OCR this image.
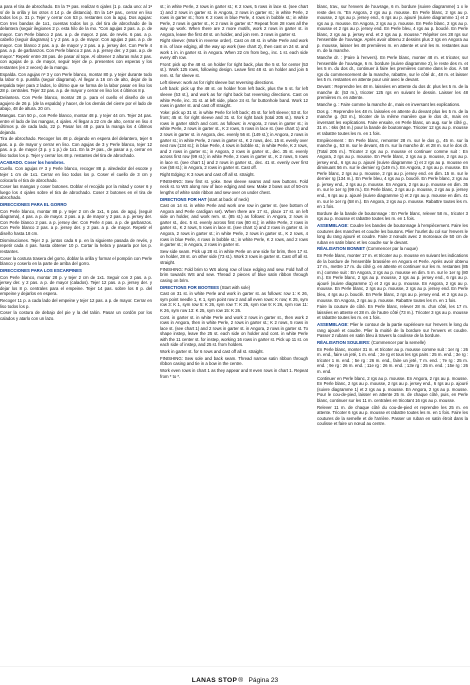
a para el tira de abrochado. En la 7ª pas. realizar 6 ojales (1 p. cada uno: al 1ª s/ de la orilla y los otros 4 14 p. de distancia). En la 14ª pas., cerrar en liso todos los p. 31 p. Tejer y cerrar con 53 p. restantes con la aguj. Dos agujas: Con tres bandas de 1x1, cuentas todos los p. del tira de abrochado de la delantera (seguir ilegiones 2 p. esta hilo de la mo. "Con agujas 2 pas. a. p. de mayor. Con Perle blanco 2 pas. a p. de mayor. 2 pas. de revés. 6 pas. a p. cabello (seguir diagrama) 1 y 2 pas. a p. de mayor. Con agujas 2 pas. a p. de mayor. Con blanco 2 pas. a p. de mayor y 2 pas. a p. jersey der. Con Perle 4 pas. a p. de garbanzos. Con Perle blanco 2 pas. a p. jersey der. y 2 pas. a p. de mayor." Repetir entre 28 pas. de pasar al tope. Al obtener 2 alturas más 2 pas. con agujas de p. de mayor, seguir tejer de p. presentes con esperas y los restantes (en 2 veces) de la mangu.

Espalda. Con agujas nº 3 y con Perle blanco, montar 80 p. y tejer durante todo la labor 6 p. puntilla (seguir diagrama). Al llegar a 16 cm de alto, dejar de la espalda tejer para 2 lados, lo último que se forma de la labor pasar en liso los 28 p. centrales. Tejer 32 pas. a p. de mayor y cerrar en liso los 4 últimos 8 p.

Delantera. Con Perle blanco, montar 28 p. para el cuello el diseño de un agujero de 26 p. (de la espalda) y hacer, de los demás del cierre por el lado de abajo, 48 de altura. 20 cm.

Mangas. Con 50 p., con Perle blanco, montar 48 p. y tejer 44 cm. Tejer 24 pas. entre el lado de las mangas, 4 ojales. Al llegar a 22 cm de alto, cerrar en liso 4 últimos p. de cada lado, 22 p. Pasar los 48 p. para la manga los 4 últimos dejando.

Tira de abrochado. Recoger los 48 p. dejando en espera del delantero, tejer 6 pas. a p. de mayor y cerrar en liso. Con agujas de 3 y Perle blanco, tejer 12 pas. a p. de mayor (3 p. y 1 p.) de 1x1. En la 2ª pas., de pasar a y, cerrar en liso todos los p. Tejer y cerrar los 48 p. restantes del tira de abrochado.

ACABADO. Coser los hombros.

Cuello. Con agujas nº 3 y Perle blanco, recoger 88 p. alrededor del escote y tejer 1 cm de 1x1. Cerrar en liso todos los p. Coser el cuello de 3 cm y colocarlo el tira de abrochado.

Coser las mangas y coser botones. Doblar el recojido por la mitad y coser 6 y luego los 4 ojales sobre el tira de abrochado. Coser 2 botones en el tira de abrochado.

DIRECCIONES PARA EL GORRO

Con Perle blanco, montar 88 p. y tejer 2 cm de 1x1, 6 pas. de aguj. (seguir diagrama), 4 pas. a p. de mayor. 2 pas. a p. de mayor y 2 pas. a p. jersey der. Con Perle blanco 2 pas. a p. jersey der. Con Perle 4 pas. a p. de garbanzos. Con Perle blanco 2 pas. a p. jersey der. y 2 pas. a p. de mayor. Repetir el diseño hasta 18 cm.

Disminuciones. Tejer 2 p. juntos cada 6 p. en la siguiente pasada de revés, y repetir cada 4 pas. hasta obtener 10 p. Cortar la hebra y pasarla por los p. restantes.

Coser la costura trasera del gorro, doblar la orilla y formar el pompón con Perle blanco y coserlo en la parte de arriba del gorro.

DIRECCIONES PARA LOS ESCARPINES

Con Perle blanco, montar 28 p. y tejer 2 cm de 1x1. Seguir con 2 pas. a p. jersey der. y 2 pas. a p. de mayor (calados). Tejer 12 pas. a p. jersey der. y dejar los 8 p. centrales para el empeine. Tejer 14 pas. sobre los 8 p. del empeine y dejarlos en espera.

Recoger 11 p. a cada lado del empeine y tejer 12 pas. a p. de mayor. Cerrar en liso todos los p.

Coser la costura de debajo del pie y la del talón. Pasar un cordón por los calados y atarlo con un lazo.

st.; in white Perle, 2 rows in garter st.; K 2 rows, 5 rows in lace st. (see chart 1) and 2 rows in garter st. in Angora, 2 rows in garter st.; in white Perle, 2 rows in garter st.; from K 2 rows in blue Perle, 4 rows in bobble st.; in white Perle, 2 rows in garter st., K 2 rows in garter st." Repeat from 28 rows all the way up work. When there are 2 more motifs, work 2 rows in garter st. in Angora, leave the first 48 st. on holder, and join rem. 3 rows in garter st.

Right sleeve: (Work in reverse order). Cast on 48 st. in white Perle and work 8 in. of lace edging, all the way up work (see chart 2), then cast on 24 st. and work 1 in. in garter st. in Angora. When 22 cm from beg., inc. 1 st. each side every 4th row.

Front: pick up the 48 st. on holder for right back, plus the 5 st. for center (53 st.). Work 125 rows, following design. Leave first 48 st. on holder and join 5 rem. st. for sleeve st.

Left sleeve: work as for right sleeve but reversing directions.

Left back: pick up the 48 st. on holder from left back, plus the 5 st. for left sleeve (53 st.), and work as for right back but reversing directions. Cast on white Perle, inc. 31 st. at left side, place 24 st. for buttonhole band. Work 12 rows in garter st. and cast off straight.

Yoke: pick up 31 st. in white Perle for left back; 45 st. for left sleeve; 53 st. for front; 45 st. for right sleeve and 31 st. for right back (total 205 st.). Work 2 rows in garter stitch and cont. as follows: in Angora, 2 rows in garter st.; in white Perle, 2 rows in garter st., K 2 rows, 5 rows in lace st. (see chart 1) and 2 rows in garter st. in Angora, dec. evenly 56 st. (149 st.); in Angora, 2 rows in garter st.; in white Perle, 2 rows in garter st., K 2 rows, dec. 15 st. evenly over next row (134 st.); in blue Perle, 4 rows in bobble st.; in white Perle, K 2 rows, and 2 rows in garter st.; in Angora, 2 rows in garter st., dec. 35 st. evenly across first row (99 st.); in white Perle, 2 rows in garter st., K 2 rows, 5 rows in lace st. (see chart 1) and 2 rows in garter st., dec. 41 st. evenly over first row (58 st.); in Angora, 2 rows in garter st. Cast off.

Right Edging: K 3 rows and cast off all st. straight.

FINISHING: Sew first st. yoke. Sew sleeve seams and sew buttons. Fold neck st. to WS along row of lace edging and sew. Make 2 bows out of 50-cm lengths of white satin ribbon and sew over on under chest.

DIRECTIONS FOR HAT (start at back of neck)

Cast on 14 st. in white Perle and work one row in garter st. (see bottom of Angora and Perle cardigan set). When there are 17 st., place 17 st. on left side on holder, and work rem. st. (85 st.) as follows: in Angora, 2 rows in garter st., dec. 5 st. evenly across first row (80 st.); in white Perle, 2 rows in garter st., K 2 rows, 5 rows in lace st. (see chart 1) and 2 rows in garter st. in Angora, 2 rows in garter st.; in white Perle, 2 rows in garter st., K 2 rows, 4 rows in blue Perle, 4 rows in bobble st.; in white Perle, K 2 rows, and 2 rows in garter st.; in Angora, 2 rows in garter st.

Sew side seam. Pick up 28 st. in white Perle on one side for brim, then 17 st. on holder, 28 st. on other side (73 st.). Work 3 rows in garter st. Cast off all st. straight.

FINISHING: Fold brim to WS along row of lace edging and sew. Fold half of brim towards WS and sew. Thread 2 pieces of blue satin ribbon through casing on brim.

DIRECTIONS FOR BOOTEES (Start with sole)

Cast on 31 st. in white Perle and work in garter st. as follows: row 1: K 26, sym point needle 1, K 1, sym point row 2 and all even rows: K row; K 25, sym row 3: K 1, sym row 5: K 26, sym row 7: K 25, sym row 9: K 26, sym row 11: K 26, sym row 13: K 25, sym row 15: K 26.

Cont. in garter st. in white Perle and work 2 rows in garter st., then work 2 rows in Angora, then in white Perle, 2 rows in garter st.; K 2 rows, 5 rows in lace st. (see chart 1) and 2 rows in garter st. in Angora, 2 rows in garter st. To shape instep, leave the 25 st. each side on holder and cont. in white Perle with the 11 center st. for instep, working 16 rows in garter st. Pick up 11 st. on each side of instep, and 25 st. from holders.

Work in garter st. for 6 rows and cast off all st. straight.

FINISHING: Sew sole and back seam. Thread narrow satin ribbon through ribbon casing and tie in a bow in the centre.

Work even rows in chart 1 as they appear and 8 even rows in chart 1. Repeat from * to *.

blanc, trav., sur l'envers de l'ouvrage, 6 m. bordure (suivre diagramme) 1 x le reste des m. "En Angora, 2 rgs au p. mousse. En Perle blanc, 2 rgs au p. mousse, 2 rgs au p. jersey end., 6 rgs au p. ajouré (suivre diagramme 1) et 2 rgs au p. mousse. En Angora, 2 rgs au p. mousse. En Perle blanc, 2 rgs au p. mousse et 2 rgs au p. jersey end. En Perle bleu, 4 rgs au p. bouclé. En Perle blanc, 2 rgs au p. jersey end. et 2 rgs au p. mousse." Répéter ces 28 rgs sur l'ensemble de l'ouvrage. Après avoir obtenu 2 dessins plus 2 rgs en Angora au p. mousse, laisser les 48 premières m. en attente et unir les m. restantes aux m. de la manche.

Manche dr. : (Faire à l'envers). En Perle blanc, monter 48 m. et tricoter, sur l'ensemble de l'ouvrage, 6 m. bordure (suivre diagramme 2), le reste des m. et les 5 m. du dos dr., continuer à faire les premières comme dans le dos. À 58 rgs du commencement de la manche, rabattre, sur le côté dr., 48 m. et laisser les 5 m. restantes en attente pour unir avec le devant.

Devant : Reprendre les 48 m. laissées en attente du dos dr. plus les 5 m. de la manche dr. (53 m.), tricoter 125 rgs en suivant le dessin. Laisser les 48 premières m. en attente.

Manche g. : Faire comme la manche dr., mais en inversant les explications.

Dos g. : Reprendre les 48 m. laissées en attente du devant plus les 5 m. de la manche g. (53 m.), tricoter de la même manière que le dos dr., mais en inversant les explications. Faire ensuite, en Perle blanc, un aug. sur le côté g., 31 m. : 6ks (84 m.) pour la bande de boutonnage. Tricoter 12 rgs au p. mousse et rabattre toutes les m. en 1 fois.

Empiècement : En Perle blanc, remonter 28 m. sur le dos g., 45 m. sur la manche g., 53 m. sur le devant, 45 m. sur la manche dr. et 28 m. sur le dos dr. (Total 205 m.). Tricoter 2 rgs au p. mousse et continuer comme suit : En Angora, 2 rgs au p. mousse. En Perle blanc, 2 rgs au p. mousse, 2 rgs au p. jersey end., 6 rgs au p. ajouré (suivre diagramme 1) et 2 rgs au p. mousse en diminuant 56 m. sur le dernier rg (149 m.). En Angora, 2 rgs au p. mousse. En Perle blanc, 2 rgs au p. mousse, 2 rgs au p. jersey end. en dim. 15 m. sur le dernier rg (134 m.). En Perle bleu, 4 rgs au p. bouclé. En Perle blanc, 2 rgs au p. jersey end., 2 rgs au p. mousse. En Angora, 2 rgs au p. mousse en dim. 35 m. sur le 1er rg (99 m.). En Perle blanc, 2 rgs au p. mousse, 2 rgs au p. jersey end., 6 rgs au p. ajouré (suivre diagramme 1) et 2 rgs au p. mousse en dim. 41 m. sur le 1er rg (58 m.). En Angora, 2 rgs au p. mousse. Rabattre toutes les m. en 1 fois.

Bordure de la bande de boutonnage : En Perle blanc, relever 58 m., tricoter 3 rgs au p. mousse et rabattre toutes les m. en 1 fois.

ASSEMBLAGE: Coudre les bandes de boutonnage à l'empiècement. Faire les coutures des manches et coudre les boutons. Plier l'ourlet du col sur l'envers le long du rang ajouré et coudre. Faire 2 nœuds avec 2 morceaux de 50 cm de ruban en satin blanc et les coudre sur le devant.

RÉALISATION BONNET (Commencer par la nuque)

En Perle blanc, monter 17 m. et tricoter au p. mousse en suivant les indications de la bordure de l'ensemble brassière en Angora et Perle. Après avoir obtenu 17 m., mettre 17 m. du côté g. en attente et continuer sur les m. restantes (85 m.) comme suit : En Angora, 2 rgs au p. mousse en dim. 5 m. sur le 1er rg (80 m.). En Perle blanc, 2 rgs au p. mousse, 2 rgs au p. jersey end., 6 rgs au p. ajouré (suivre diagramme 1) et 2 rgs au p. mousse. En Angora, 2 rgs au p. mousse. En Perle blanc, 2 rgs au p. mousse, 2 rgs au p. jersey end. En Perle bleu, 4 rgs au p. bouclé. En Perle blanc, 2 rgs au p. jersey end. et 2 rgs au p. mousse. En Angora, 2 rgs au p. mousse. Rabattre toutes les m. en 1 fois.

Faire la couture de côté. En Perle blanc, relever 28 m. d'un côté, les 17 m. laissées en attente et 28 m. de l'autre côté (73 m.). Tricoter 3 rgs au p. mousse et rabattre toutes les m. en 1 fois.

ASSEMBLAGE: Plier le contour de la partie supérieure sur l'envers le long du rang ajouré et coudre. Plier la moitié de la bordure sur l'envers et coudre. Passer 2 rubans en satin bleu à travers la coulisse de la bordure.

RÉALISATION SOULIERS: (Commencer par la semelle)

En Perle blanc, monter 31 m. et tricoter au p. mousse comme suit : 1er rg : 26 m. end., faire un jeté, 1 m. end. ; 2e rg et tous les rgs pairs : 25 m. end. ; 3e rg : tricoter 1 m. end. ; 5e rg : 26 m. end., faire un jeté, 7 m. end. ; 7e rg : 25 m. end. ; 9e rg : 26 m. end. ; 11e rg : 26 m. end. ; 13e rg : 25 m. end. ; 15e rg : 26 m. end.

Continuer en Perle blanc, 2 rgs au p. mousse. En Angora, 2 rgs au p. mousse. En Perle blanc, 2 rgs au p. mousse, 2 rgs au p. jersey end., 6 rgs au p. ajouré (suivre diagramme 1) et 2 rgs au p. mousse. En Angora, 2 rgs au p. mousse. Pour le cou-de-pied, laisser en attente 25 m. de chaque côté, puis, en Perle blanc, continuer sur les 11 m. centrales en tricotant 16 rgs au p. mousse.

Relever 11 m. de chaque côté du cou-de-pied et reprendre les 25 m. en attente. Tricoter 6 rgs au p. mousse et rabattre toutes les m. en 1 fois. Faire les coutures de la semelle et de l'arrière. Passer un ruban en satin étroit dans la coulisse et faire un nœud au centre.

LANAS STOP® Página 23
